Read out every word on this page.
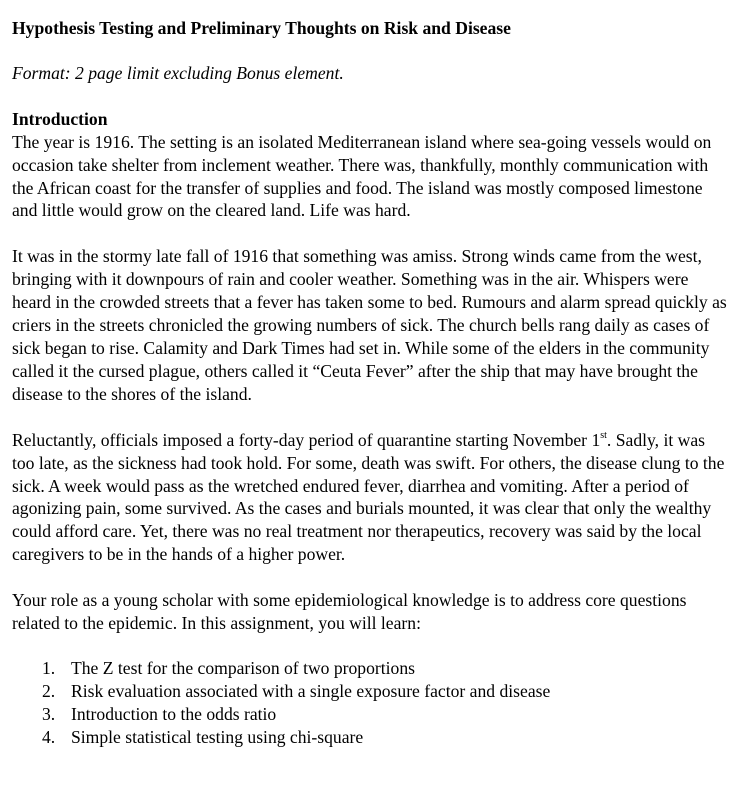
Hypothesis Testing and Preliminary Thoughts on Risk and Disease

Format: 2 page limit excluding Bonus element.

Introduction

The year is 1916. The setting is an isolated Mediterranean island where sea-going vessels would on occasion take shelter from inclement weather. There was, thankfully, monthly communication with the African coast for the transfer of supplies and food. The island was mostly composed limestone and little would grow on the cleared land. Life was hard.

It was in the stormy late fall of 1916 that something was amiss. Strong winds came from the west, bringing with it downpours of rain and cooler weather. Something was in the air. Whispers were heard in the crowded streets that a fever has taken some to bed. Rumours and alarm spread quickly as criers in the streets chronicled the growing numbers of sick. The church bells rang daily as cases of sick began to rise. Calamity and Dark Times had set in. While some of the elders in the community called it the cursed plague, others called it “Ceuta Fever” after the ship that may have brought the disease to the shores of the island.

Reluctantly, officials imposed a forty-day period of quarantine starting November 1st. Sadly, it was too late, as the sickness had took hold. For some, death was swift. For others, the disease clung to the sick. A week would pass as the wretched endured fever, diarrhea and vomiting. After a period of agonizing pain, some survived. As the cases and burials mounted, it was clear that only the wealthy could afford care. Yet, there was no real treatment nor therapeutics, recovery was said by the local caregivers to be in the hands of a higher power.

Your role as a young scholar with some epidemiological knowledge is to address core questions related to the epidemic. In this assignment, you will learn:

1. The Z test for the comparison of two proportions
2. Risk evaluation associated with a single exposure factor and disease
3. Introduction to the odds ratio
4. Simple statistical testing using chi-square
